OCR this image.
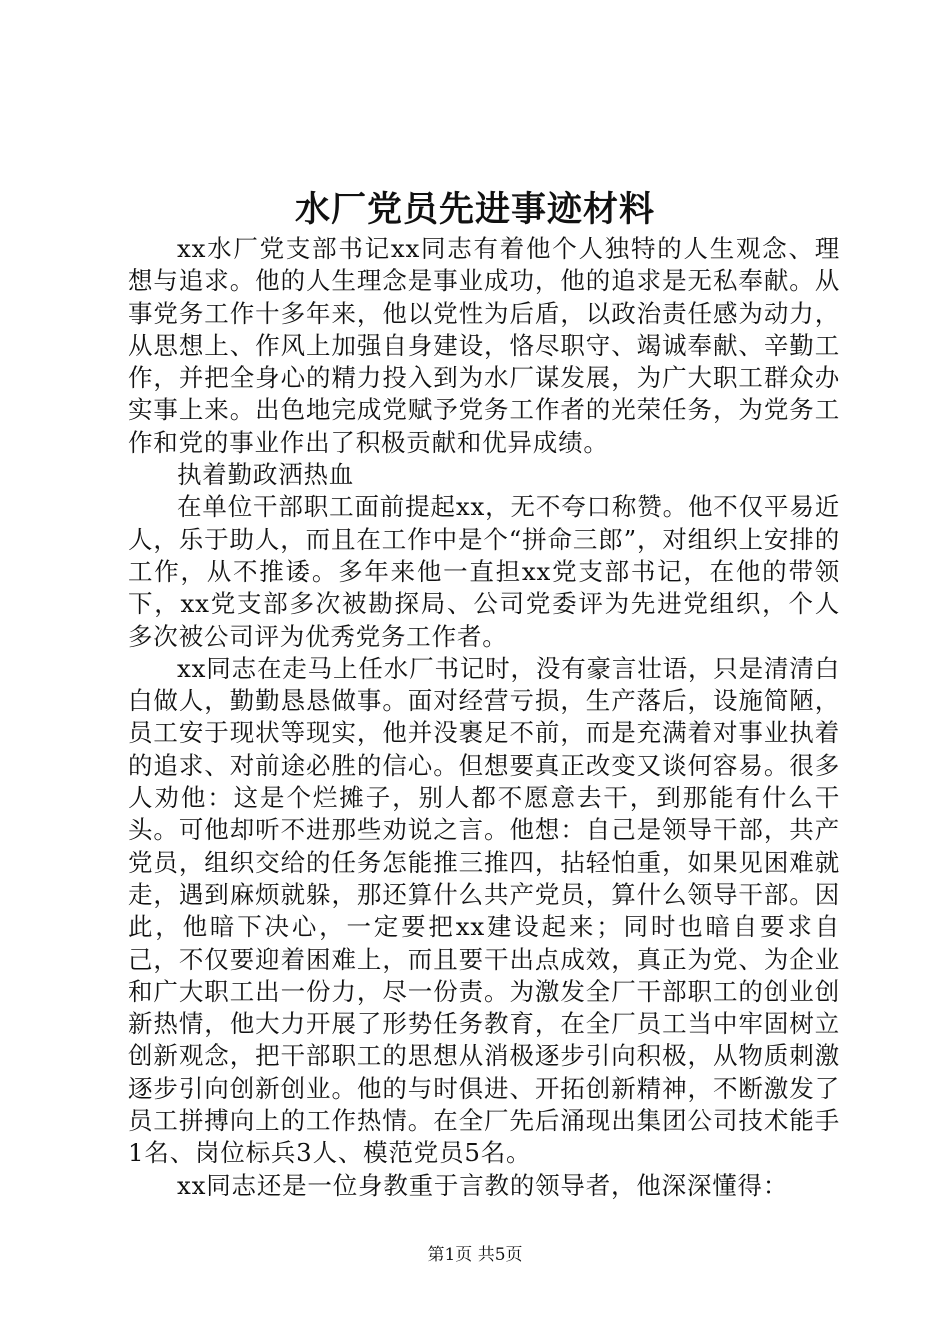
水厂党员先进事迹材料

xx水厂党支部书记xx同志有着他个人独特的人生观念、理想与追求。他的人生理念是事业成功，他的追求是无私奉献。从事党务工作十多年来，他以党性为后盾，以政治责任感为动力，从思想上、作风上加强自身建设，恪尽职守、竭诚奉献、辛勤工作，并把全身心的精力投入到为水厂谋发展，为广大职工群众办实事上来。出色地完成党赋予党务工作者的光荣任务，为党务工作和党的事业作出了积极贡献和优异成绩。

执着勤政洒热血

在单位干部职工面前提起xx，无不夸口称赞。他不仅平易近人，乐于助人，而且在工作中是个“拼命三郎”，对组织上安排的工作，从不推诿。多年来他一直担xx党支部书记，在他的带领下，xx党支部多次被勘探局、公司党委评为先进党组织，个人多次被公司评为优秀党务工作者。

xx同志在走马上任水厂书记时，没有豪言壮语，只是清清白白做人，勤勤恳恳做事。面对经营亏损，生产落后，设施简陋，员工安于现状等现实，他并没裹足不前，而是充满着对事业执着的追求、对前途必胜的信心。但想要真正改变又谈何容易。很多人劝他：这是个烂摊子，别人都不愿意去干，到那能有什么干头。可他却听不进那些劝说之言。他想：自己是领导干部，共产党员，组织交给的任务怎能推三推四，拈轻怕重，如果见困难就走，遇到麻烦就躲，那还算什么共产党员，算什么领导干部。因此，他暗下决心，一定要把xx建设起来；同时也暗自要求自己，不仅要迎着困难上，而且要干出点成效，真正为党、为企业和广大职工出一份力，尽一份责。为激发全厂干部职工的创业创新热情，他大力开展了形势任务教育，在全厂员工当中牢固树立创新观念，把干部职工的思想从消极逐步引向积极，从物质刺激逐步引向创新创业。他的与时俱进、开拓创新精神，不断激发了员工拼搏向上的工作热情。在全厂先后涌现出集团公司技术能手1名、岗位标兵3人、模范党员5名。

xx同志还是一位身教重于言教的领导者，他深深懂得：

第1页 共5页
